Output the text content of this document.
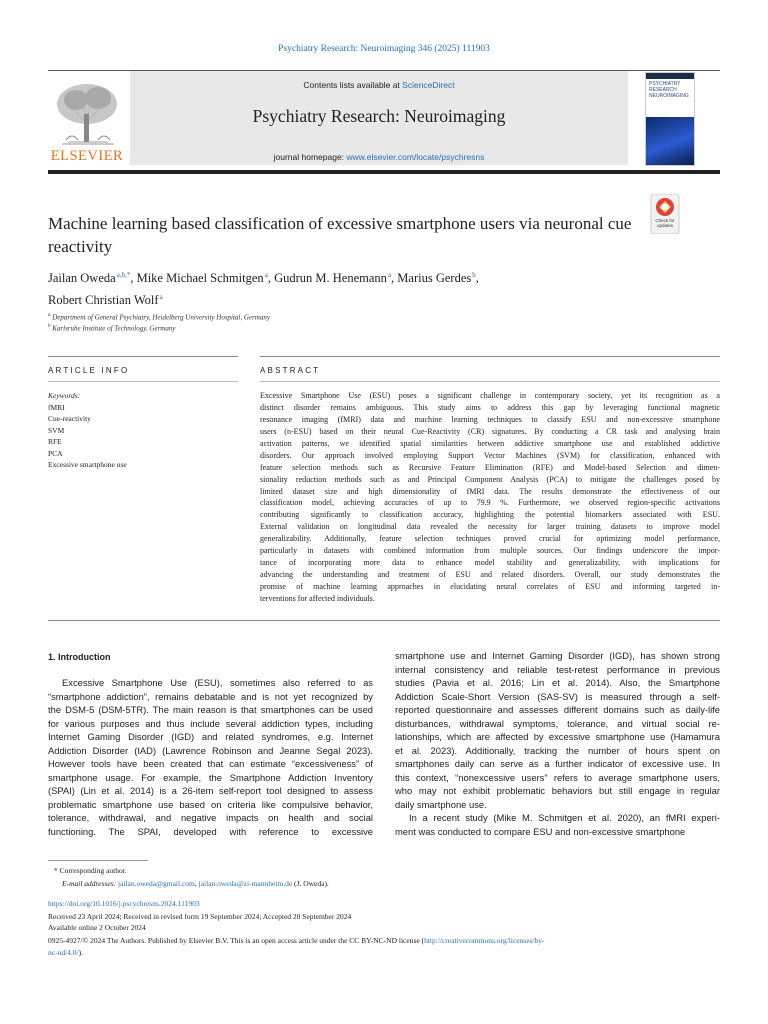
Psychiatry Research: Neuroimaging 346 (2025) 111903
ELSEVIER
Contents lists available at ScienceDirect
Psychiatry Research: Neuroimaging
journal homepage: www.elsevier.com/locate/psychresns
PSYCHIATRY RESEARCH NEUROIMAGING
Check for updates
Machine learning based classification of excessive smartphone users via neuronal cue reactivity
Jailan Oweda $^{a,b,*}$, Mike Michael Schmitgen $^a$, Gudrun M. Henemann $^a$, Marius Gerdes $^b$,
Robert Christian Wolf $^a$
$^a$ Department of General Psychiatry, Heidelberg University Hospital, Germany
$^b$ Karlsruhe Institute of Technology, Germany
ARTICLE INFO	ABSTRACT
Keywords:
fMRI
Cue-reactivity
SVM
RFE
PCA
Excessive smartphone use
Excessive Smartphone Use (ESU) poses a significant challenge in contemporary society, yet its recognition as a
distinct disorder remains ambiguous. This study aims to address this gap by leveraging functional magnetic
resonance imaging (fMRI) data and machine learning techniques to classify ESU and non-excessive smartphone
users (n-ESU) based on their neural Cue-Reactivity (CR) signatures. By conducting a CR task and analysing brain
activation patterns, we identified spatial similarities between addictive smartphone use and established addictive
disorders. Our approach involved employing Support Vector Machines (SVM) for classification, enhanced with
feature selection methods such as Recursive Feature Elimination (RFE) and Model-based Selection and dimen-
sionality reduction methods such as and Principal Component Analysis (PCA) to mitigate the challenges posed by
limited dataset size and high dimensionality of fMRI data. The results demonstrate the effectiveness of our
classification model, achieving accuracies of up to 79.9 %. Furthermore, we observed region-specific activations
contributing significantly to classification accuracy, highlighting the potential biomarkers associated with ESU.
External validation on longitudinal data revealed the necessity for larger training datasets to improve model
generalizability. Additionally, feature selection techniques proved crucial for optimizing model performance,
particularly in datasets with combined information from multiple sources. Our findings underscore the impor-
tance of incorporating more data to enhance model stability and generalizability, with implications for
advancing the understanding and treatment of ESU and related disorders. Overall, our study demonstrates the
promise of machine learning approaches in elucidating neural correlates of ESU and informing targeted in-
terventions for affected individuals.
1. Introduction
Excessive Smartphone Use (ESU), sometimes also referred to as
“smartphone addiction”, remains debatable and is not yet recognized by
the DSM-5 (DSM-5TR). The main reason is that smartphones can be used
for various purposes and thus include several addiction types, including
Internet Gaming Disorder (IGD) and related syndromes, e.g. Internet
Addiction Disorder (IAD) (Lawrence Robinson and Jeanne Segal 2023).
However tools have been created that can estimate “excessiveness” of
smartphone usage. For example, the Smartphone Addiction Inventory
(SPAI) (Lin et al. 2014) is a 26-item self-report tool designed to assess
problematic smartphone use based on criteria like compulsive behavior,
tolerance, withdrawal, and negative impacts on health and social
functioning. The SPAI, developed with reference to excessive
smartphone use and Internet Gaming Disorder (IGD), has shown strong
internal consistency and reliable test-retest performance in previous
studies (Pavia et al. 2016; Lin et al. 2014). Also, the Smartphone
Addiction Scale-Short Version (SAS-SV) is measured through a self-
reported questionnaire and assesses different domains such as daily-life
disturbances, withdrawal symptoms, tolerance, and virtual social re-
lationships, which are affected by excessive smartphone use (Hamamura
et al. 2023). Additionally, tracking the number of hours spent on
smartphones daily can serve as a further indicator of excessive use. In
this context, “nonexcessive users” refers to average smartphone users,
who may not exhibit problematic behaviors but still engage in regular
daily smartphone use.
In a recent study (Mike M. Schmitgen et al. 2020), an fMRI experi-
ment was conducted to compare ESU and non-excessive smartphone
* Corresponding author.
E-mail addresses: jailan.oweda@gmail.com, jailan.oweda@zi-mannheim.de (J. Oweda).
https://doi.org/10.1016/j.pscychresns.2024.111903
Received 23 April 2024; Received in revised form 19 September 2024; Accepted 20 September 2024
Available online 2 October 2024
0925-4927/© 2024 The Authors. Published by Elsevier B.V. This is an open access article under the CC BY-NC-ND license (http://creativecommons.org/licenses/by-
nc-nd/4.0/).
